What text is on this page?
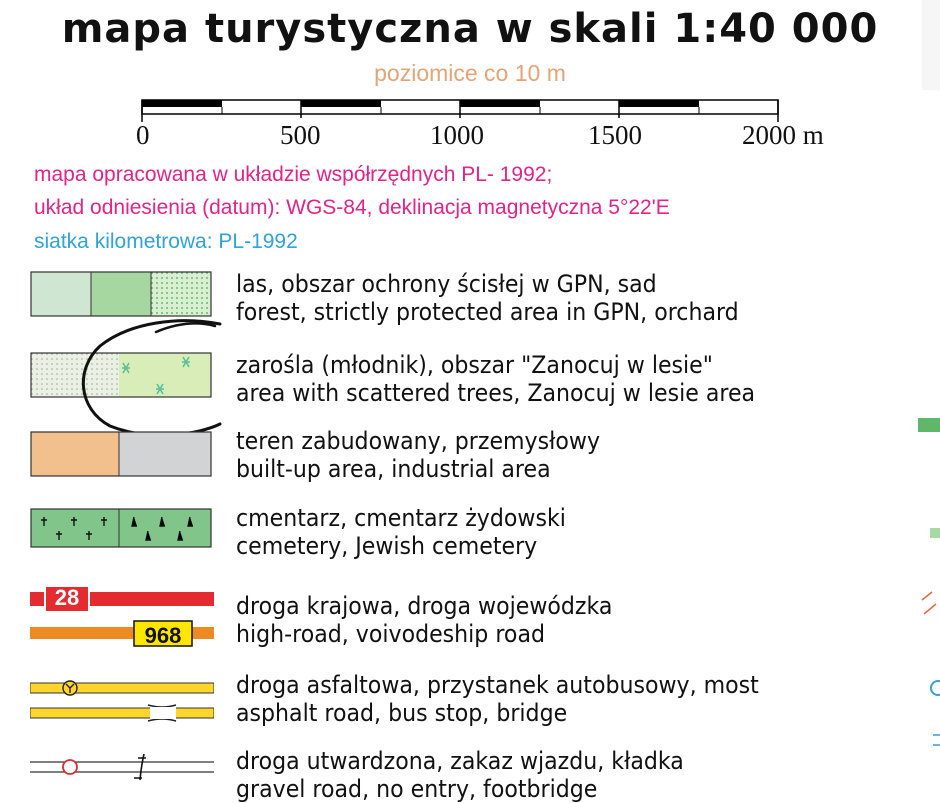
mapa turystyczna w skali 1:40 000
poziomice co 10 m
0	500	1000	1500	2000 m
mapa opracowana w układzie współrzędnych PL- 1992;
układ odniesienia (datum): WGS-84, deklinacja magnetyczna 5°22'E
siatka kilometrowa: PL-1992
las, obszar ochrony ścisłej w GPN, sad
forest, strictly protected area in GPN, orchard
zarośla (młodnik), obszar "Zanocuj w lesie"
area with scattered trees, Zanocuj w lesie area
teren zabudowany, przemysłowy
built-up area, industrial area
cmentarz, cmentarz żydowski
cemetery, Jewish cemetery
28
968
droga krajowa, droga wojewódzka
high-road, voivodeship road
droga asfaltowa, przystanek autobusowy, most
asphalt road, bus stop, bridge
droga utwardzona, zakaz wjazdu, kładka
gravel road, no entry, footbridge
